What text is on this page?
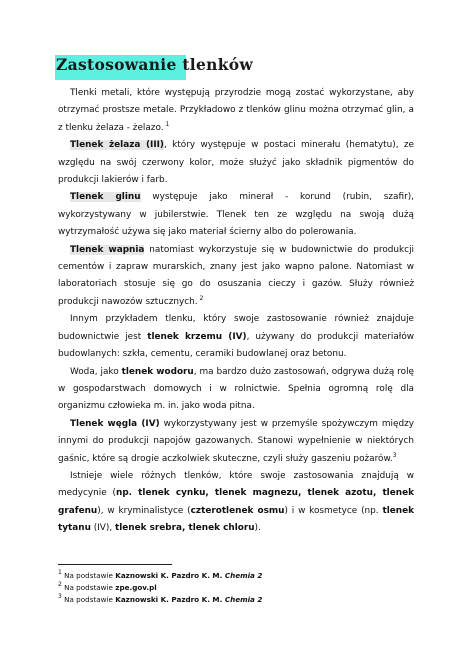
Zastosowanie tlenków

Tlenki metali, które występują przyrodzie mogą zostać wykorzystane, aby otrzymać prostsze metale. Przykładowo z tlenków glinu można otrzymać glin, a z tlenku żelaza - żelazo. $^1$

Tlenek żelaza (III), który występuje w postaci minerału (hematytu), ze względu na swój czerwony kolor, może służyć jako składnik pigmentów do produkcji lakierów i farb.

Tlenek glinu występuje jako minerał - korund (rubin, szafir), wykorzystywany w jubilerstwie. Tlenek ten ze względu na swoją dużą wytrzymałość używa się jako materiał ścierny albo do polerowania.

Tlenek wapnia natomiast wykorzystuje się w budownictwie do produkcji cementów i zapraw murarskich, znany jest jako wapno palone. Natomiast w laboratoriach stosuje się go do osuszania cieczy i gazów. Służy również produkcji nawozów sztucznych. $^2$

Innym przykładem tlenku, który swoje zastosowanie również znajduje budownictwie jest tlenek krzemu (IV), używany do produkcji materiałów budowlanych: szkła, cementu, ceramiki budowlanej oraz betonu.

Woda, jako tlenek wodoru, ma bardzo dużo zastosowań, odgrywa dużą rolę w gospodarstwach domowych i w rolnictwie. Spełnia ogromną rolę dla organizmu człowieka m. in. jako woda pitna.

Tlenek węgla (IV) wykorzystywany jest w przemyśle spożywczym między innymi do produkcji napojów gazowanych. Stanowi wypełnienie w niektórych gaśnic, które są drogie aczkolwiek skuteczne, czyli służy gaszeniu pożarów.$^3$

Istnieje wiele różnych tlenków, które swoje zastosowania znajdują w medycynie (np. tlenek cynku, tlenek magnezu, tlenek azotu, tlenek grafenu), w kryminalistyce (czterotlenek osmu) i w kosmetyce (np. tlenek tytanu (IV), tlenek srebra, tlenek chloru).

$^1$ Na podstawie Kaznowski K. Pazdro K. M. Chemia 2
$^2$ Na podstawie zpe.gov.pl
$^3$ Na podstawie Kaznowski K. Pazdro K. M. Chemia 2
